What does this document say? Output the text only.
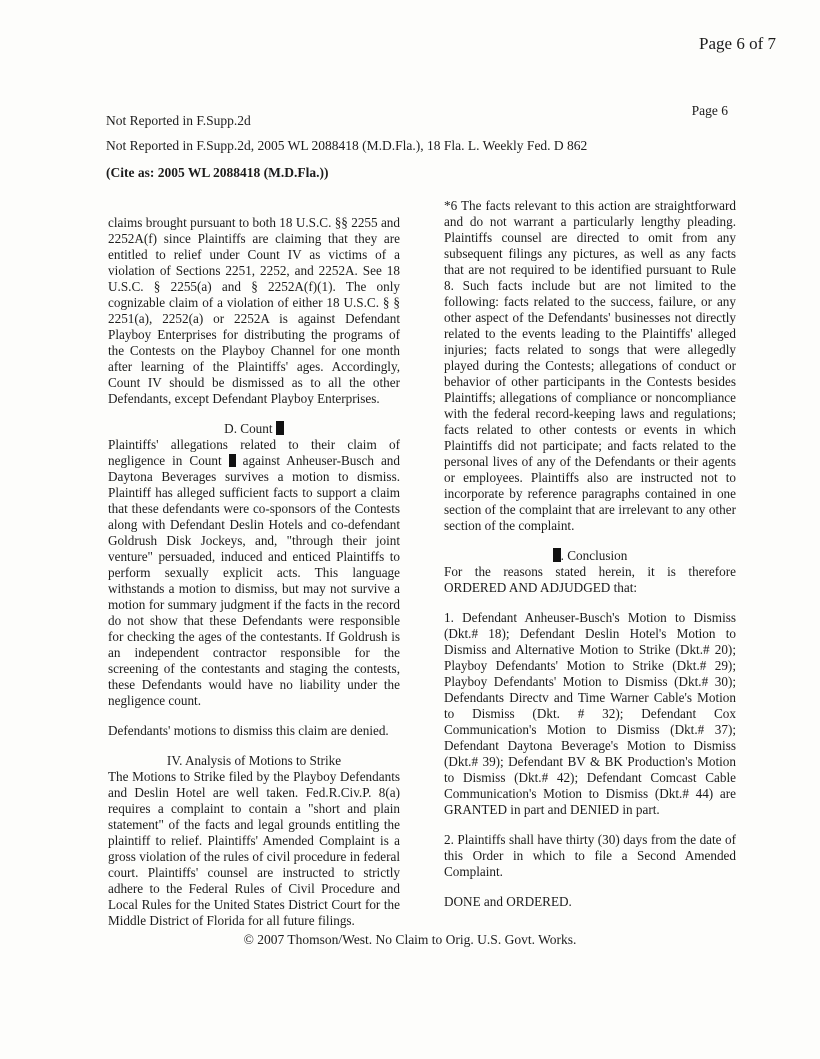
Page 6 of 7
Page 6
Not Reported in F.Supp.2d
Not Reported in F.Supp.2d, 2005 WL 2088418 (M.D.Fla.), 18 Fla. L. Weekly Fed. D 862
(Cite as: 2005 WL 2088418 (M.D.Fla.))

claims brought pursuant to both 18 U.S.C. §§ 2255 and 2252A(f) since Plaintiffs are claiming that they are entitled to relief under Count IV as victims of a violation of Sections 2251, 2252, and 2252A. See 18 U.S.C. § 2255(a) and § 2252A(f)(1). The only cognizable claim of a violation of either 18 U.S.C. § § 2251(a), 2252(a) or 2252A is against Defendant Playboy Enterprises for distributing the programs of the Contests on the Playboy Channel for one month after learning of the Plaintiffs' ages. Accordingly, Count IV should be dismissed as to all the other Defendants, except Defendant Playboy Enterprises.

D. Count

Plaintiffs' allegations related to their claim of negligence in Count against Anheuser-Busch and Daytona Beverages survives a motion to dismiss. Plaintiff has alleged sufficient facts to support a claim that these defendants were co-sponsors of the Contests along with Defendant Deslin Hotels and co-defendant Goldrush Disk Jockeys, and, "through their joint venture" persuaded, induced and enticed Plaintiffs to perform sexually explicit acts. This language withstands a motion to dismiss, but may not survive a motion for summary judgment if the facts in the record do not show that these Defendants were responsible for checking the ages of the contestants. If Goldrush is an independent contractor responsible for the screening of the contestants and staging the contests, these Defendants would have no liability under the negligence count.

Defendants' motions to dismiss this claim are denied.

IV. Analysis of Motions to Strike

The Motions to Strike filed by the Playboy Defendants and Deslin Hotel are well taken. Fed.R.Civ.P. 8(a) requires a complaint to contain a "short and plain statement" of the facts and legal grounds entitling the plaintiff to relief. Plaintiffs' Amended Complaint is a gross violation of the rules of civil procedure in federal court. Plaintiffs' counsel are instructed to strictly adhere to the Federal Rules of Civil Procedure and Local Rules for the United States District Court for the Middle District of Florida for all future filings.

*6 The facts relevant to this action are straightforward and do not warrant a particularly lengthy pleading. Plaintiffs counsel are directed to omit from any subsequent filings any pictures, as well as any facts that are not required to be identified pursuant to Rule 8. Such facts include but are not limited to the following: facts related to the success, failure, or any other aspect of the Defendants' businesses not directly related to the events leading to the Plaintiffs' alleged injuries; facts related to songs that were allegedly played during the Contests; allegations of conduct or behavior of other participants in the Contests besides Plaintiffs; allegations of compliance or noncompliance with the federal record-keeping laws and regulations; facts related to other contests or events in which Plaintiffs did not participate; and facts related to the personal lives of any of the Defendants or their agents or employees. Plaintiffs also are instructed not to incorporate by reference paragraphs contained in one section of the complaint that are irrelevant to any other section of the complaint.

. Conclusion

For the reasons stated herein, it is therefore ORDERED AND ADJUDGED that:

1. Defendant Anheuser-Busch's Motion to Dismiss (Dkt.# 18); Defendant Deslin Hotel's Motion to Dismiss and Alternative Motion to Strike (Dkt.# 20); Playboy Defendants' Motion to Strike (Dkt.# 29); Playboy Defendants' Motion to Dismiss (Dkt.# 30); Defendants Directv and Time Warner Cable's Motion to Dismiss (Dkt. # 32); Defendant Cox Communication's Motion to Dismiss (Dkt.# 37); Defendant Daytona Beverage's Motion to Dismiss (Dkt.# 39); Defendant BV & BK Production's Motion to Dismiss (Dkt.# 42); Defendant Comcast Cable Communication's Motion to Dismiss (Dkt.# 44) are GRANTED in part and DENIED in part.

2. Plaintiffs shall have thirty (30) days from the date of this Order in which to file a Second Amended Complaint.

DONE and ORDERED.

© 2007 Thomson/West. No Claim to Orig. U.S. Govt. Works.
